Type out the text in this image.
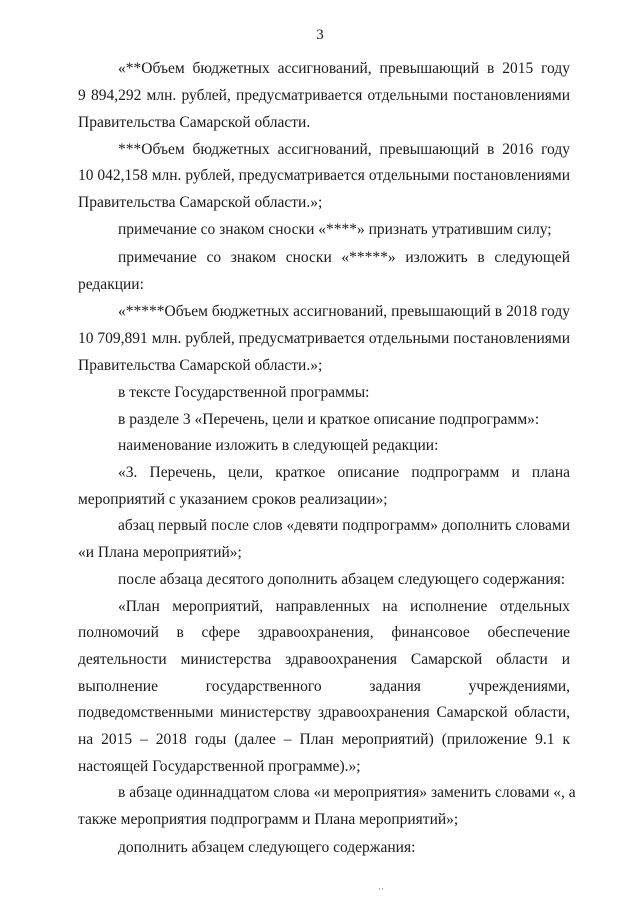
3
«**Объем бюджетных ассигнований, превышающий в 2015 году
9 894,292 млн. рублей, предусматривается отдельными постановлениями
Правительства Самарской области.
***Объем бюджетных ассигнований, превышающий в 2016 году
10 042,158 млн. рублей, предусматривается отдельными постановлениями
Правительства Самарской области.»;
примечание со знаком сноски «****» признать утратившим силу;
примечание со знаком сноски «*****» изложить в следующей
редакции:
«*****Объем бюджетных ассигнований, превышающий в 2018 году
10 709,891 млн. рублей, предусматривается отдельными постановлениями
Правительства Самарской области.»;
в тексте Государственной программы:
в разделе 3 «Перечень, цели и краткое описание подпрограмм»:
наименование изложить в следующей редакции:
«3. Перечень, цели, краткое описание подпрограмм и плана
мероприятий с указанием сроков реализации»;
абзац первый после слов «девяти подпрограмм» дополнить словами
«и Плана мероприятий»;
после абзаца десятого дополнить абзацем следующего содержания:
«План мероприятий, направленных на исполнение отдельных
полномочий в сфере здравоохранения, финансовое обеспечение
деятельности министерства здравоохранения Самарской области и
выполнение государственного задания учреждениями,
подведомственными министерству здравоохранения Самарской области,
на 2015 – 2018 годы (далее – План мероприятий) (приложение 9.1 к
настоящей Государственной программе).»;
в абзаце одиннадцатом слова «и мероприятия» заменить словами «, а
также мероприятия подпрограмм и Плана мероприятий»;
дополнить абзацем следующего содержания:
··
